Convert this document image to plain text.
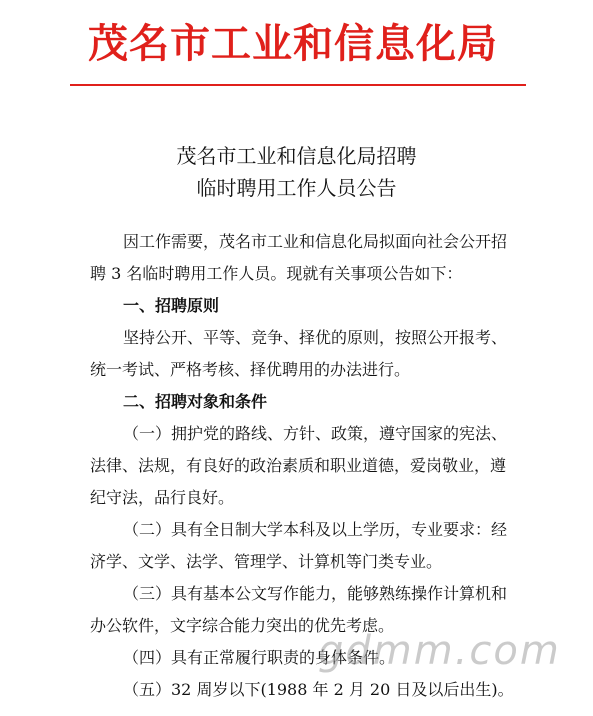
茂名市工业和信息化局
茂名市工业和信息化局招聘
临时聘用工作人员公告
因工作需要，茂名市工业和信息化局拟面向社会公开招
聘 3 名临时聘用工作人员。现就有关事项公告如下：
一、招聘原则
坚持公开、平等、竞争、择优的原则，按照公开报考、
统一考试、严格考核、择优聘用的办法进行。
二、招聘对象和条件
（一）拥护党的路线、方针、政策，遵守国家的宪法、
法律、法规，有良好的政治素质和职业道德，爱岗敬业，遵
纪守法，品行良好。
（二）具有全日制大学本科及以上学历，专业要求：经
济学、文学、法学、管理学、计算机等门类专业。
（三）具有基本公文写作能力，能够熟练操作计算机和
办公软件，文字综合能力突出的优先考虑。
（四）具有正常履行职责的身体条件。
（五）32 周岁以下(1988 年 2 月 20 日及以后出生)。
gdmm.com
